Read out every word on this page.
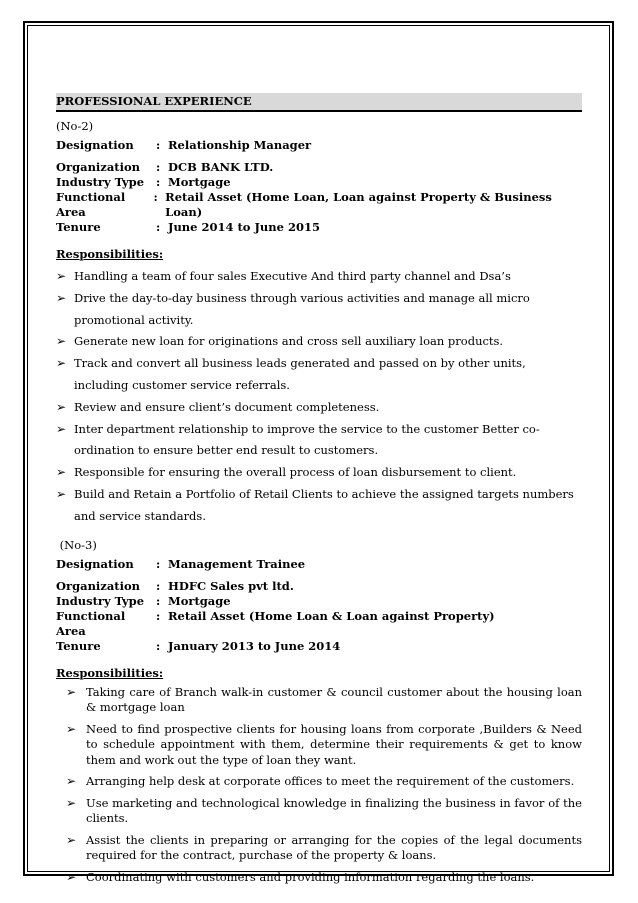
PROFESSIONAL EXPERIENCE
(No-2)
Designation	: Relationship Manager
Organization	: DCB BANK LTD.
Industry Type	: Mortgage
Functional Area
: Retail Asset (Home Loan, Loan against Property & Business Loan)
Tenure	: June 2014 to June 2015
Responsibilities:
➢ Handling a team of four sales Executive And third party channel and Dsa’s
➢ Drive the day-to-day business through various activities and manage all micro promotional activity.
➢ Generate new loan for originations and cross sell auxiliary loan products.
➢ Track and convert all business leads generated and passed on by other units, including customer service referrals.
➢ Review and ensure client’s document completeness.
➢ Inter department relationship to improve the service to the customer Better co-ordination to ensure better end result to customers.
➢ Responsible for ensuring the overall process of loan disbursement to client.
➢ Build and Retain a Portfolio of Retail Clients to achieve the assigned targets numbers and service standards.
(No-3)
Designation	: Management Trainee
Organization	: HDFC Sales pvt ltd.
Industry Type	: Mortgage
Functional Area
: Retail Asset (Home Loan & Loan against Property)
Tenure	: January 2013 to June 2014
Responsibilities:
➢ Taking care of Branch walk-in customer & council customer about the housing loan & mortgage loan
➢ Need to find prospective clients for housing loans from corporate ,Builders & Need to schedule appointment with them, determine their requirements & get to know them and work out the type of loan they want.
➢ Arranging help desk at corporate offices to meet the requirement of the customers.
➢ Use marketing and technological knowledge in finalizing the business in favor of the clients.
➢ Assist the clients in preparing or arranging for the copies of the legal documents required for the contract, purchase of the property & loans.
➢ Coordinating with customers and providing information regarding the loans.
